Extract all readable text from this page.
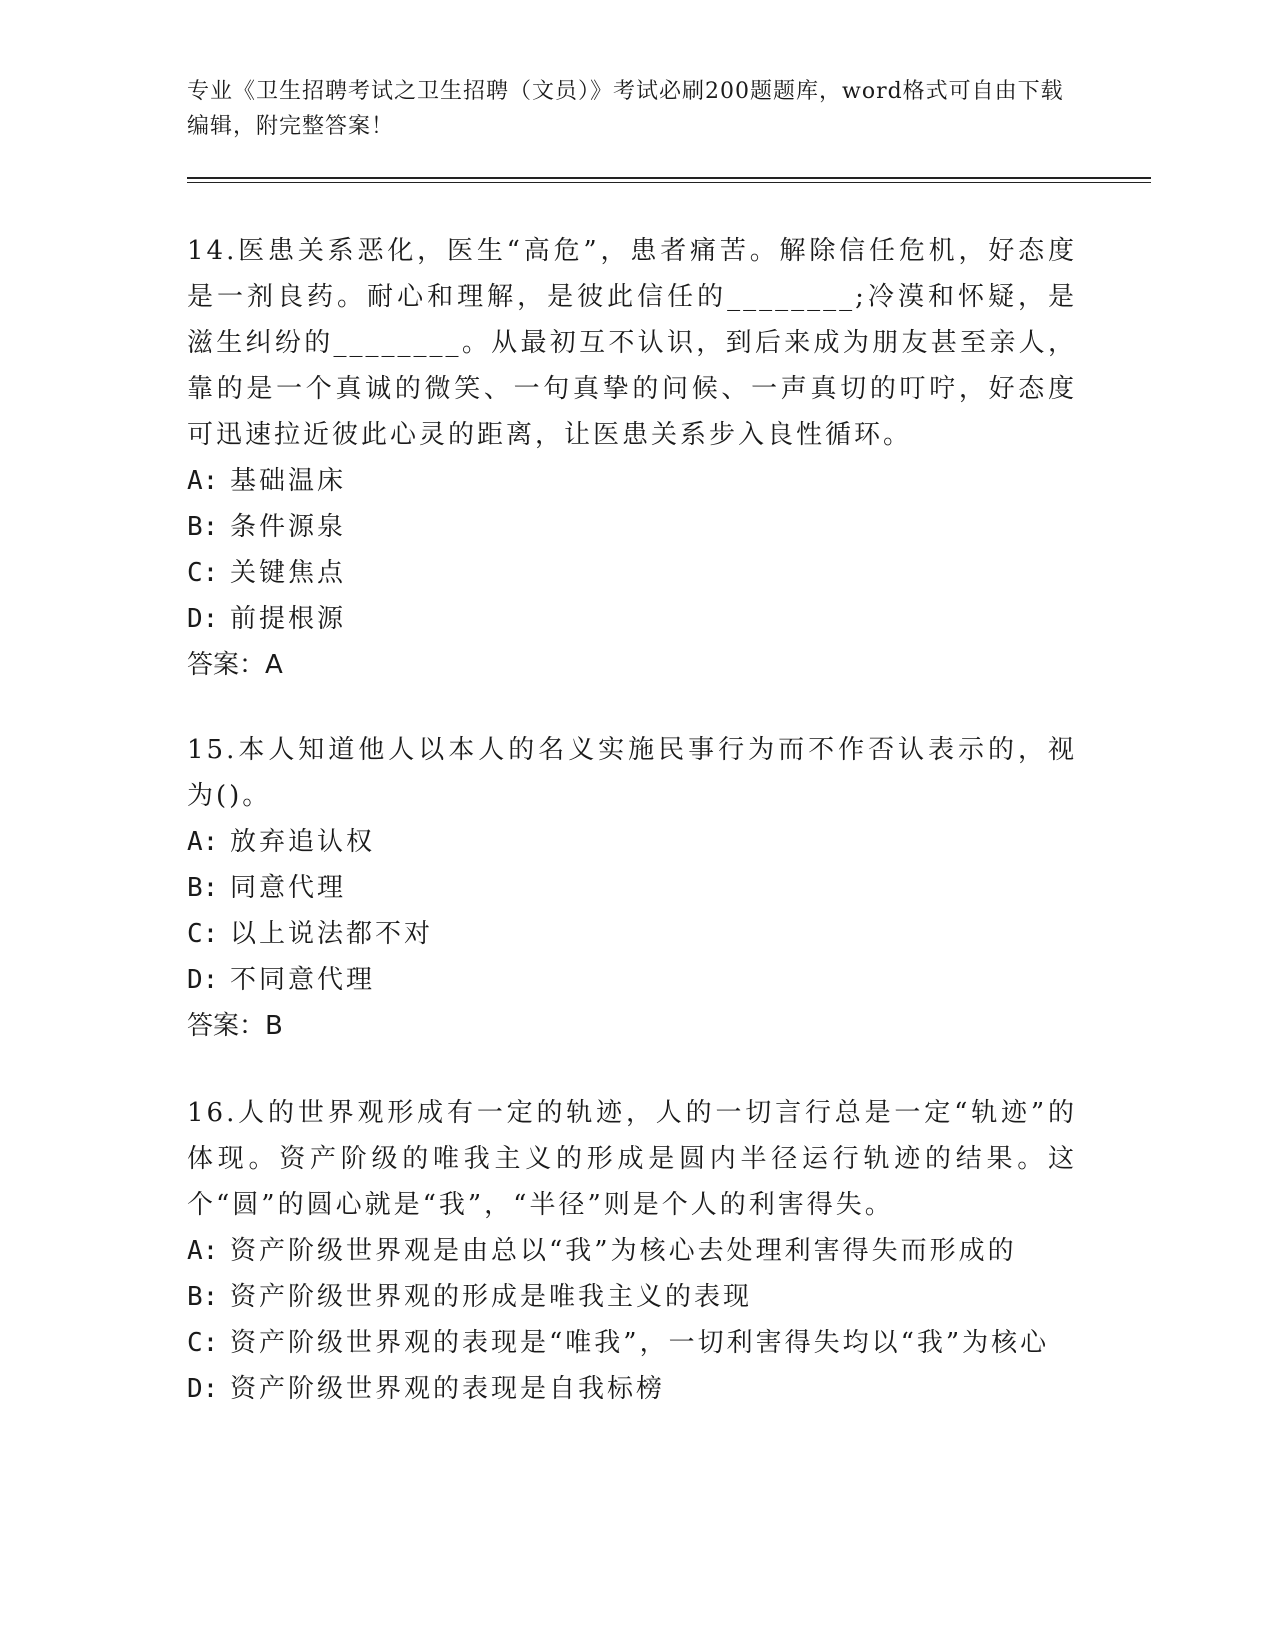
专业《卫生招聘考试之卫生招聘（文员）》考试必刷200题题库，word格式可自由下载编辑，附完整答案！

14.医患关系恶化，医生“高危”，患者痛苦。解除信任危机，好态度是一剂良药。耐心和理解，是彼此信任的________;冷漠和怀疑，是滋生纠纷的________。从最初互不认识，到后来成为朋友甚至亲人，靠的是一个真诚的微笑、一句真挚的问候、一声真切的叮咛，好态度可迅速拉近彼此心灵的距离，让医患关系步入良性循环。

A: 基础温床

B: 条件源泉

C: 关键焦点

D: 前提根源

答案：A

15.本人知道他人以本人的名义实施民事行为而不作否认表示的，视为()。

A: 放弃追认权

B: 同意代理

C: 以上说法都不对

D: 不同意代理

答案：B

16.人的世界观形成有一定的轨迹，人的一切言行总是一定“轨迹”的体现。资产阶级的唯我主义的形成是圆内半径运行轨迹的结果。这个“圆”的圆心就是“我”，“半径”则是个人的利害得失。

A: 资产阶级世界观是由总以“我”为核心去处理利害得失而形成的

B: 资产阶级世界观的形成是唯我主义的表现

C: 资产阶级世界观的表现是“唯我”，一切利害得失均以“我”为核心

D: 资产阶级世界观的表现是自我标榜
